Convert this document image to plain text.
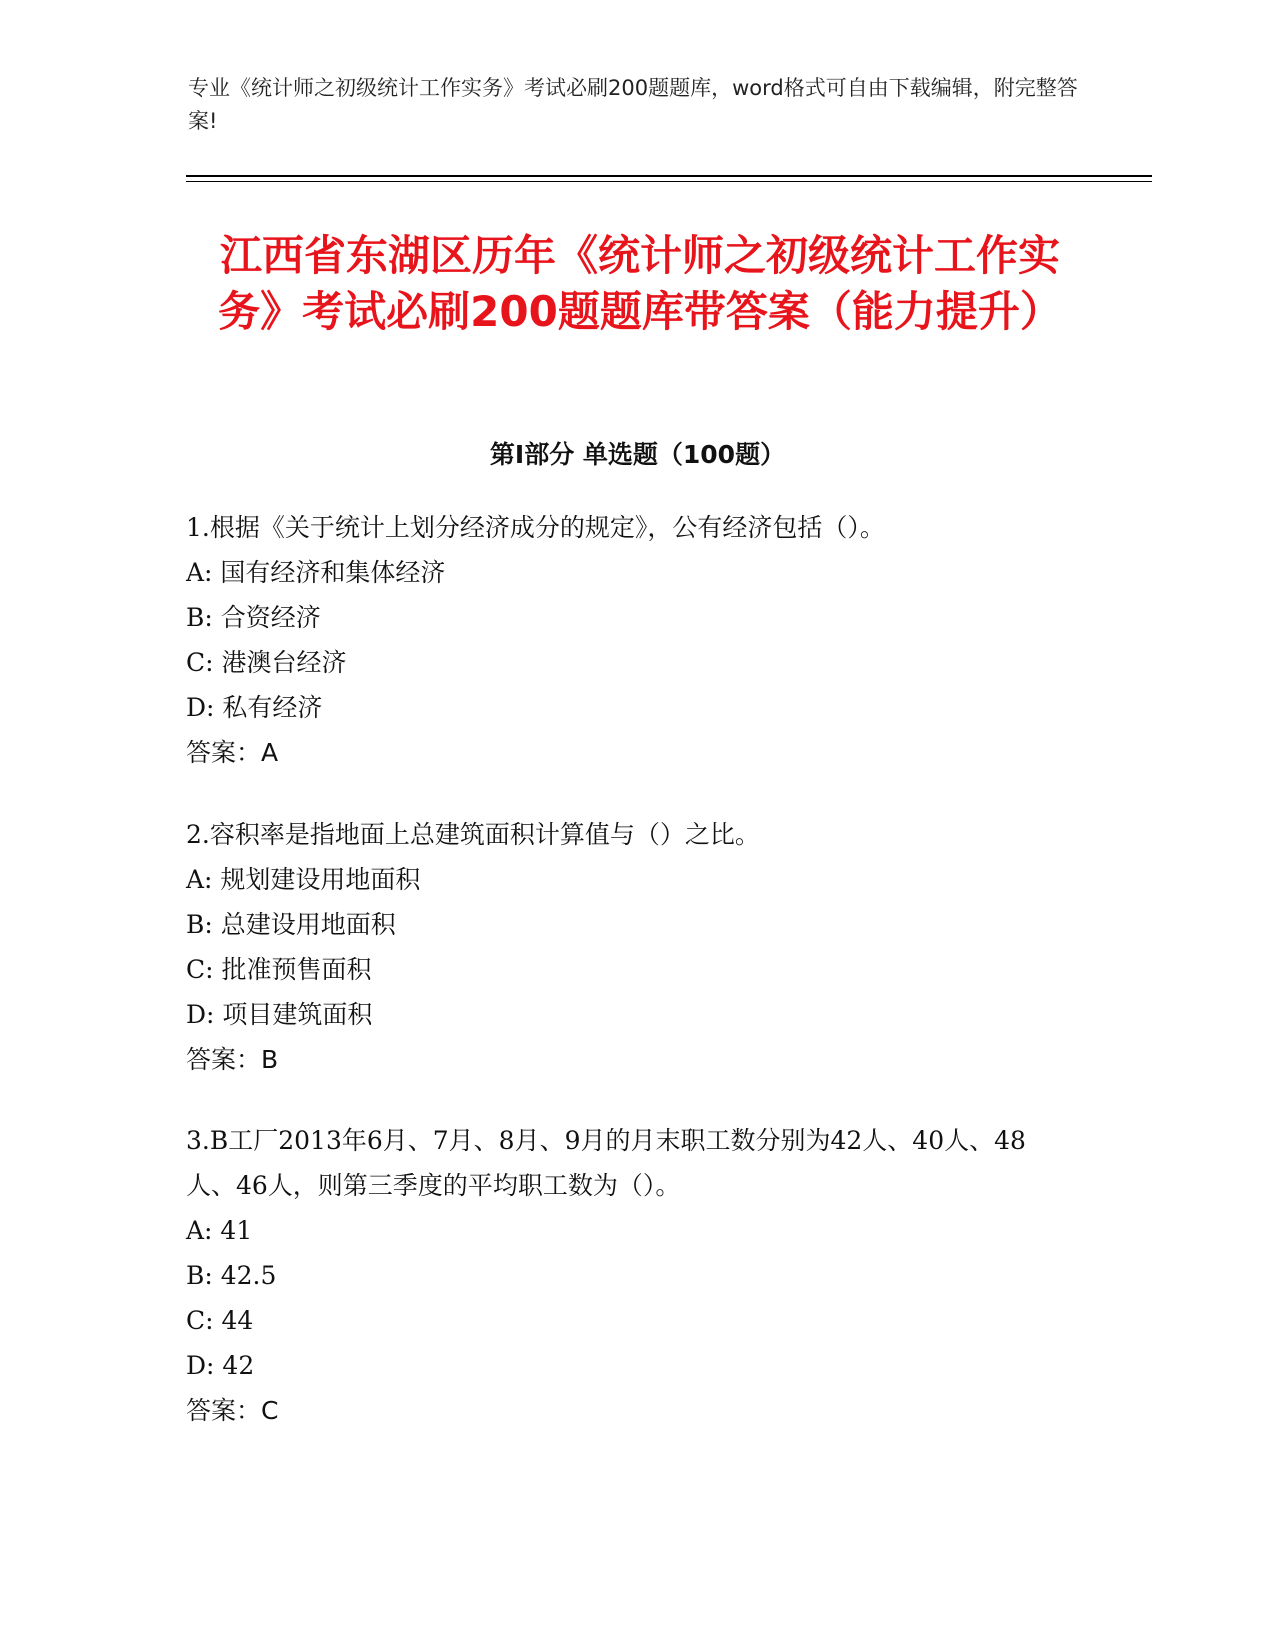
专业《统计师之初级统计工作实务》考试必刷200题题库，word格式可自由下载编辑，附完整答案!
江西省东湖区历年《统计师之初级统计工作实务》考试必刷200题题库带答案（能力提升）
第I部分 单选题（100题）

1.根据《关于统计上划分经济成分的规定》，公有经济包括（）。

A: 国有经济和集体经济

B: 合资经济

C: 港澳台经济

D: 私有经济

答案：A

2.容积率是指地面上总建筑面积计算值与（）之比。

A: 规划建设用地面积

B: 总建设用地面积

C: 批准预售面积

D: 项目建筑面积

答案：B

3.B工厂2013年6月、7月、8月、9月的月末职工数分别为42人、40人、48人、46人，则第三季度的平均职工数为（）。

A: 41

B: 42.5

C: 44

D: 42

答案：C
